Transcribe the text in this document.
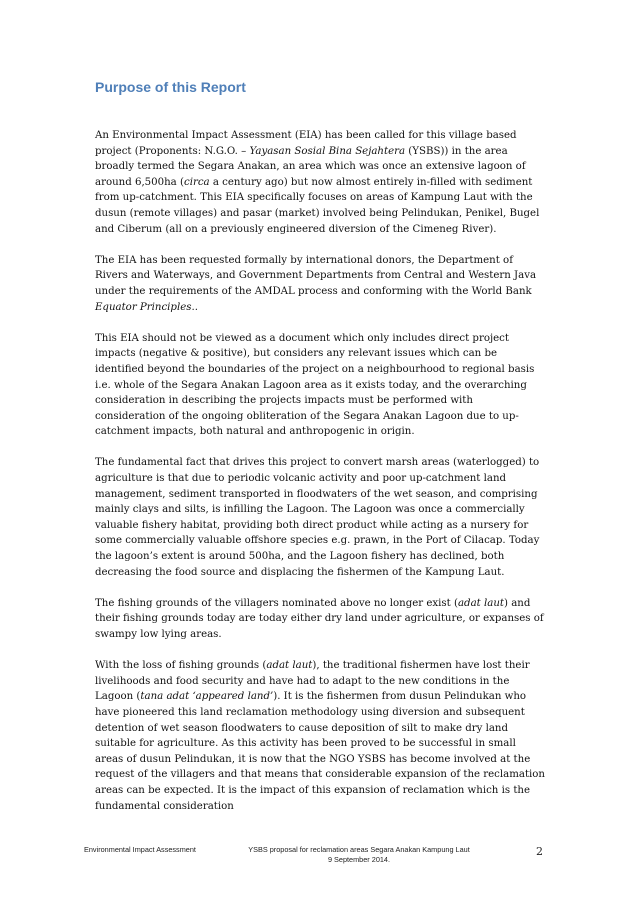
Purpose of this Report

An Environmental Impact Assessment (EIA) has been called for this village based project (Proponents: N.G.O. – Yayasan Sosial Bina Sejahtera (YSBS)) in the area broadly termed the Segara Anakan, an area which was once an extensive lagoon of around 6,500ha (circa a century ago) but now almost entirely in-filled with sediment from up-catchment. This EIA specifically focuses on areas of Kampung Laut with the dusun (remote villages) and pasar (market) involved being Pelindukan, Penikel, Bugel and Ciberum (all on a previously engineered diversion of the Cimeneg River).

The EIA has been requested formally by international donors, the Department of Rivers and Waterways, and Government Departments from Central and Western Java under the requirements of the AMDAL process and conforming with the World Bank Equator Principles..

This EIA should not be viewed as a document which only includes direct project impacts (negative & positive), but considers any relevant issues which can be identified beyond the boundaries of the project on a neighbourhood to regional basis i.e. whole of the Segara Anakan Lagoon area as it exists today, and the overarching consideration in describing the projects impacts must be performed with consideration of the ongoing obliteration of the Segara Anakan Lagoon due to up-catchment impacts, both natural and anthropogenic in origin.

The fundamental fact that drives this project to convert marsh areas (waterlogged) to agriculture is that due to periodic volcanic activity and poor up-catchment land management, sediment transported in floodwaters of the wet season, and comprising mainly clays and silts, is infilling the Lagoon. The Lagoon was once a commercially valuable fishery habitat, providing both direct product while acting as a nursery for some commercially valuable offshore species e.g. prawn, in the Port of Cilacap. Today the lagoon’s extent is around 500ha, and the Lagoon fishery has declined, both decreasing the food source and displacing the fishermen of the Kampung Laut.

The fishing grounds of the villagers nominated above no longer exist (adat laut) and their fishing grounds today are today either dry land under agriculture, or expanses of swampy low lying areas.

With the loss of fishing grounds (adat laut), the traditional fishermen have lost their livelihoods and food security and have had to adapt to the new conditions in the Lagoon (tana adat ‘appeared land’). It is the fishermen from dusun Pelindukan who have pioneered this land reclamation methodology using diversion and subsequent detention of wet season floodwaters to cause deposition of silt to make dry land suitable for agriculture. As this activity has been proved to be successful in small areas of dusun Pelindukan, it is now that the NGO YSBS has become involved at the request of the villagers and that means that considerable expansion of the reclamation areas can be expected. It is the impact of this expansion of reclamation which is the fundamental consideration

Environmental Impact Assessment	YSBS proposal for reclamation areas Segara Anakan Kampung Laut
9 September 2014.
2
